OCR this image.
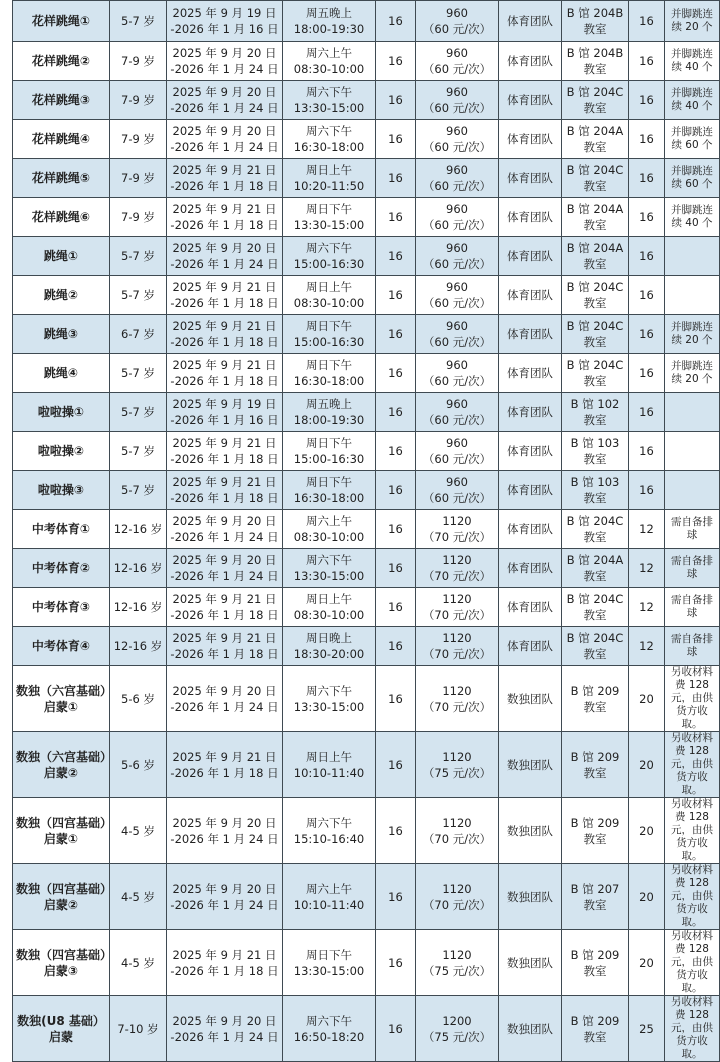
花样跳绳①	5-7 岁	2025 年 9 月 19 日
-2026 年 1 月 16 日	周五晚上
18:00-19:30	16	960
（60 元/次）	体育团队	B 馆 204B
教室	16	并脚跳连续 20 个
花样跳绳②	7-9 岁	2025 年 9 月 20 日
-2026 年 1 月 24 日	周六上午
08:30-10:00	16	960
（60 元/次）	体育团队	B 馆 204B
教室	16	并脚跳连续 40 个
花样跳绳③	7-9 岁	2025 年 9 月 20 日
-2026 年 1 月 24 日	周六下午
13:30-15:00	16	960
（60 元/次）	体育团队	B 馆 204C
教室	16	并脚跳连续 40 个
花样跳绳④	7-9 岁	2025 年 9 月 20 日
-2026 年 1 月 24 日	周六下午
16:30-18:00	16	960
（60 元/次）	体育团队	B 馆 204A
教室	16	并脚跳连续 60 个
花样跳绳⑤	7-9 岁	2025 年 9 月 21 日
-2026 年 1 月 18 日	周日上午
10:20-11:50	16	960
（60 元/次）	体育团队	B 馆 204C
教室	16	并脚跳连续 60 个
花样跳绳⑥	7-9 岁	2025 年 9 月 21 日
-2026 年 1 月 18 日	周日下午
13:30-15:00	16	960
（60 元/次）	体育团队	B 馆 204A
教室	16	并脚跳连续 40 个
跳绳①	5-7 岁	2025 年 9 月 20 日
-2026 年 1 月 24 日	周六下午
15:00-16:30	16	960
（60 元/次）	体育团队	B 馆 204A
教室	16	
跳绳②	5-7 岁	2025 年 9 月 21 日
-2026 年 1 月 18 日	周日上午
08:30-10:00	16	960
（60 元/次）	体育团队	B 馆 204C
教室	16	
跳绳③	6-7 岁	2025 年 9 月 21 日
-2026 年 1 月 18 日	周日下午
15:00-16:30	16	960
（60 元/次）	体育团队	B 馆 204C
教室	16	并脚跳连续 20 个
跳绳④	5-7 岁	2025 年 9 月 21 日
-2026 年 1 月 18 日	周日下午
16:30-18:00	16	960
（60 元/次）	体育团队	B 馆 204C
教室	16	并脚跳连续 20 个
啦啦操①	5-7 岁	2025 年 9 月 19 日
-2026 年 1 月 16 日	周五晚上
18:00-19:30	16	960
（60 元/次）	体育团队	B 馆 102
教室	16	
啦啦操②	5-7 岁	2025 年 9 月 21 日
-2026 年 1 月 18 日	周日下午
15:00-16:30	16	960
（60 元/次）	体育团队	B 馆 103
教室	16	
啦啦操③	5-7 岁	2025 年 9 月 21 日
-2026 年 1 月 18 日	周日下午
16:30-18:00	16	960
（60 元/次）	体育团队	B 馆 103
教室	16	
中考体育①	12-16 岁	2025 年 9 月 20 日
-2026 年 1 月 24 日	周六上午
08:30-10:00	16	1120
（70 元/次）	体育团队	B 馆 204C
教室	12	需自备排球
中考体育②	12-16 岁	2025 年 9 月 20 日
-2026 年 1 月 24 日	周六下午
13:30-15:00	16	1120
（70 元/次）	体育团队	B 馆 204A
教室	12	需自备排球
中考体育③	12-16 岁	2025 年 9 月 21 日
-2026 年 1 月 18 日	周日上午
08:30-10:00	16	1120
（70 元/次）	体育团队	B 馆 204C
教室	12	需自备排球
中考体育④	12-16 岁	2025 年 9 月 21 日
-2026 年 1 月 18 日	周日晚上
18:30-20:00	16	1120
（70 元/次）	体育团队	B 馆 204C
教室	12	需自备排球
数独（六宫基础）启蒙①	5-6 岁	2025 年 9 月 20 日
-2026 年 1 月 24 日	周六下午
13:30-15:00	16	1120
（70 元/次）	数独团队	B 馆 209
教室	20	另收材料费 128 元，由供货方收取。
数独（六宫基础）启蒙②	5-6 岁	2025 年 9 月 21 日
-2026 年 1 月 18 日	周日上午
10:10-11:40	16	1120
（75 元/次）	数独团队	B 馆 209
教室	20	另收材料费 128 元，由供货方收取。
数独（四宫基础）启蒙①	4-5 岁	2025 年 9 月 20 日
-2026 年 1 月 24 日	周六下午
15:10-16:40	16	1120
（70 元/次）	数独团队	B 馆 209
教室	20	另收材料费 128 元，由供货方收取。
数独（四宫基础）启蒙②	4-5 岁	2025 年 9 月 20 日
-2026 年 1 月 24 日	周六上午
10:10-11:40	16	1120
（70 元/次）	数独团队	B 馆 207
教室	20	另收材料费 128 元，由供货方收取。
数独（四宫基础）启蒙③	4-5 岁	2025 年 9 月 21 日
-2026 年 1 月 18 日	周日下午
13:30-15:00	16	1120
（75 元/次）	数独团队	B 馆 209
教室	20	另收材料费 128 元，由供货方收取。
数独(U8 基础）启蒙	7-10 岁	2025 年 9 月 20 日
-2026 年 1 月 24 日	周六下午
16:50-18:20	16	1200
（75 元/次）	数独团队	B 馆 209
教室	25	另收材料费 128 元，由供货方收取。
